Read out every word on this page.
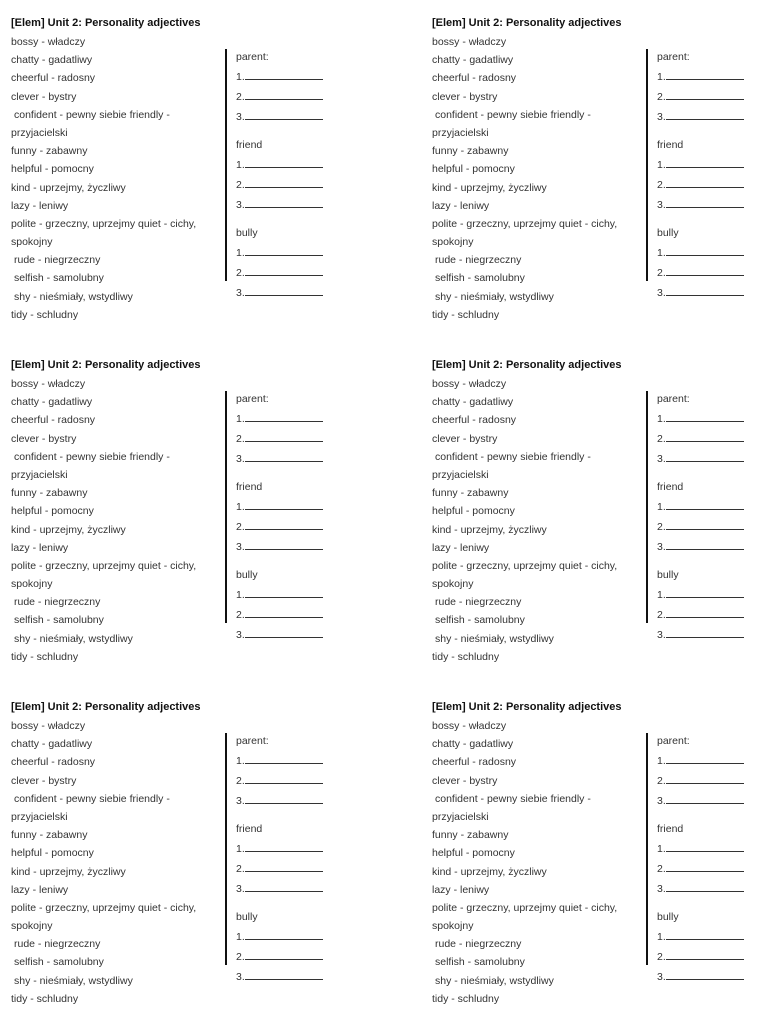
[Elem] Unit 2: Personality adjectives
bossy - władczy
chatty - gadatliwy
cheerful - radosny
clever - bystry
confident - pewny siebie friendly -
przyjacielski
funny - zabawny
helpful - pomocny
kind - uprzejmy, życzliwy
lazy - leniwy
polite - grzeczny, uprzejmy quiet - cichy,
spokojny
rude - niegrzeczny
selfish - samolubny
shy - nieśmiały, wstydliwy
tidy - schludny
parent:
1.
2.
3.
friend
1.
2.
3.
bully
1.
2.
3.
[Elem] Unit 2: Personality adjectives
bossy - władczy
chatty - gadatliwy
cheerful - radosny
clever - bystry
confident - pewny siebie friendly -
przyjacielski
funny - zabawny
helpful - pomocny
kind - uprzejmy, życzliwy
lazy - leniwy
polite - grzeczny, uprzejmy quiet - cichy,
spokojny
rude - niegrzeczny
selfish - samolubny
shy - nieśmiały, wstydliwy
tidy - schludny
parent:
1.
2.
3.
friend
1.
2.
3.
bully
1.
2.
3.
[Elem] Unit 2: Personality adjectives
bossy - władczy
chatty - gadatliwy
cheerful - radosny
clever - bystry
confident - pewny siebie friendly -
przyjacielski
funny - zabawny
helpful - pomocny
kind - uprzejmy, życzliwy
lazy - leniwy
polite - grzeczny, uprzejmy quiet - cichy,
spokojny
rude - niegrzeczny
selfish - samolubny
shy - nieśmiały, wstydliwy
tidy - schludny
parent:
1.
2.
3.
friend
1.
2.
3.
bully
1.
2.
3.
[Elem] Unit 2: Personality adjectives
bossy - władczy
chatty - gadatliwy
cheerful - radosny
clever - bystry
confident - pewny siebie friendly -
przyjacielski
funny - zabawny
helpful - pomocny
kind - uprzejmy, życzliwy
lazy - leniwy
polite - grzeczny, uprzejmy quiet - cichy,
spokojny
rude - niegrzeczny
selfish - samolubny
shy - nieśmiały, wstydliwy
tidy - schludny
parent:
1.
2.
3.
friend
1.
2.
3.
bully
1.
2.
3.
[Elem] Unit 2: Personality adjectives
bossy - władczy
chatty - gadatliwy
cheerful - radosny
clever - bystry
confident - pewny siebie friendly -
przyjacielski
funny - zabawny
helpful - pomocny
kind - uprzejmy, życzliwy
lazy - leniwy
polite - grzeczny, uprzejmy quiet - cichy,
spokojny
rude - niegrzeczny
selfish - samolubny
shy - nieśmiały, wstydliwy
tidy - schludny
parent:
1.
2.
3.
friend
1.
2.
3.
bully
1.
2.
3.
[Elem] Unit 2: Personality adjectives
bossy - władczy
chatty - gadatliwy
cheerful - radosny
clever - bystry
confident - pewny siebie friendly -
przyjacielski
funny - zabawny
helpful - pomocny
kind - uprzejmy, życzliwy
lazy - leniwy
polite - grzeczny, uprzejmy quiet - cichy,
spokojny
rude - niegrzeczny
selfish - samolubny
shy - nieśmiały, wstydliwy
tidy - schludny
parent:
1.
2.
3.
friend
1.
2.
3.
bully
1.
2.
3.
